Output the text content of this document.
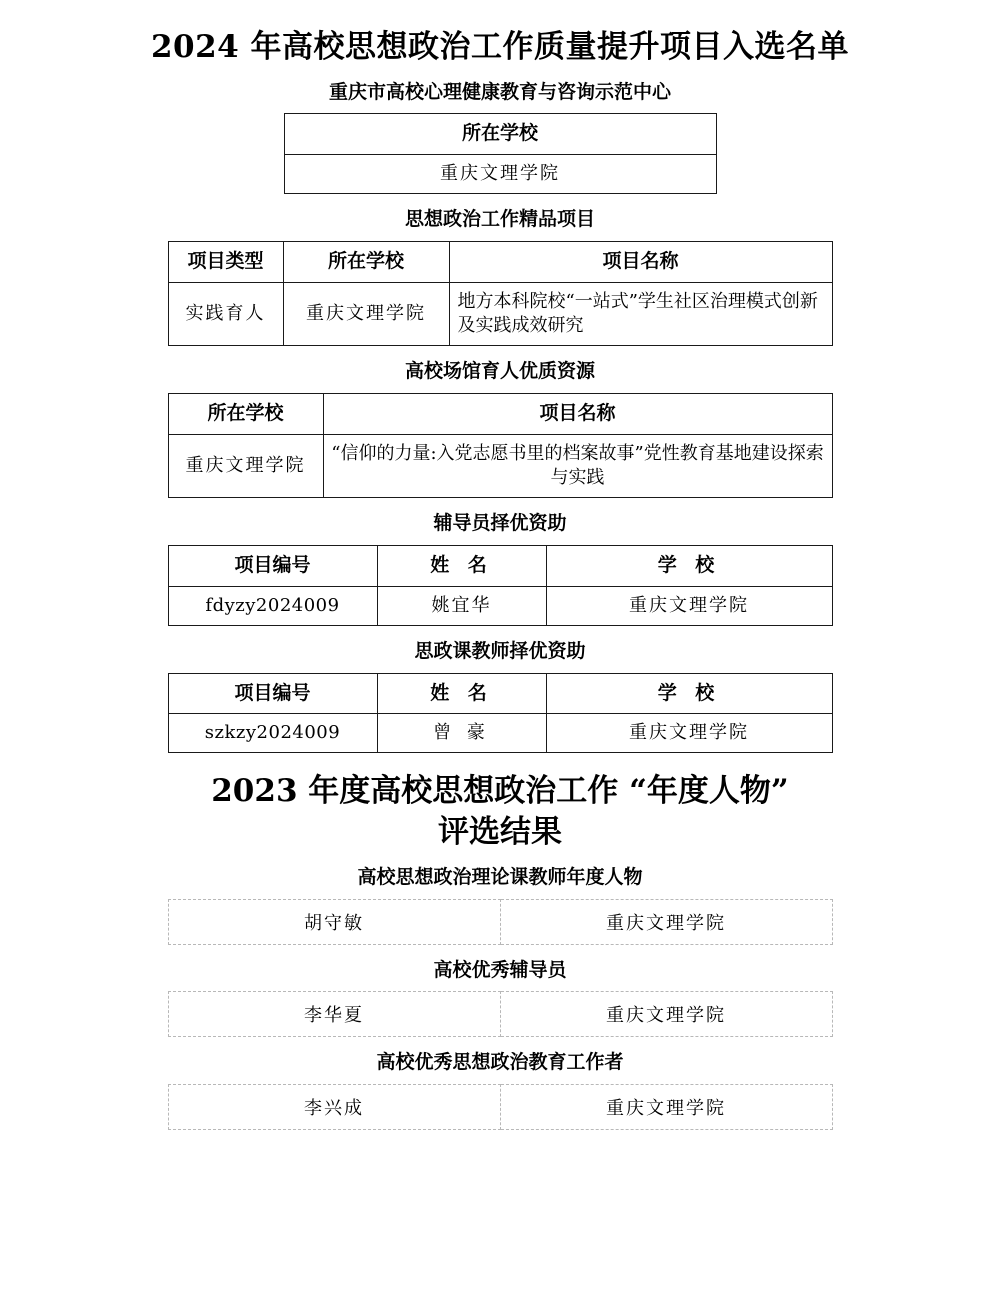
2024 年高校思想政治工作质量提升项目入选名单
重庆市高校心理健康教育与咨询示范中心
所在学校
重庆文理学院
思想政治工作精品项目
项目类型	所在学校	项目名称
实践育人	重庆文理学院	地方本科院校“一站式”学生社区治理模式创新及实践成效研究
高校场馆育人优质资源
所在学校	项目名称
重庆文理学院	“信仰的力量:入党志愿书里的档案故事”党性教育基地建设探索与实践
辅导员择优资助
项目编号	姓 名	学 校
fdyzy2024009	姚宜华	重庆文理学院
思政课教师择优资助
项目编号	姓 名	学 校
szkzy2024009	曾 豪	重庆文理学院
2023 年度高校思想政治工作 “年度人物”
评选结果
高校思想政治理论课教师年度人物
胡守敏	重庆文理学院
高校优秀辅导员
李华夏	重庆文理学院
高校优秀思想政治教育工作者
李兴成	重庆文理学院
